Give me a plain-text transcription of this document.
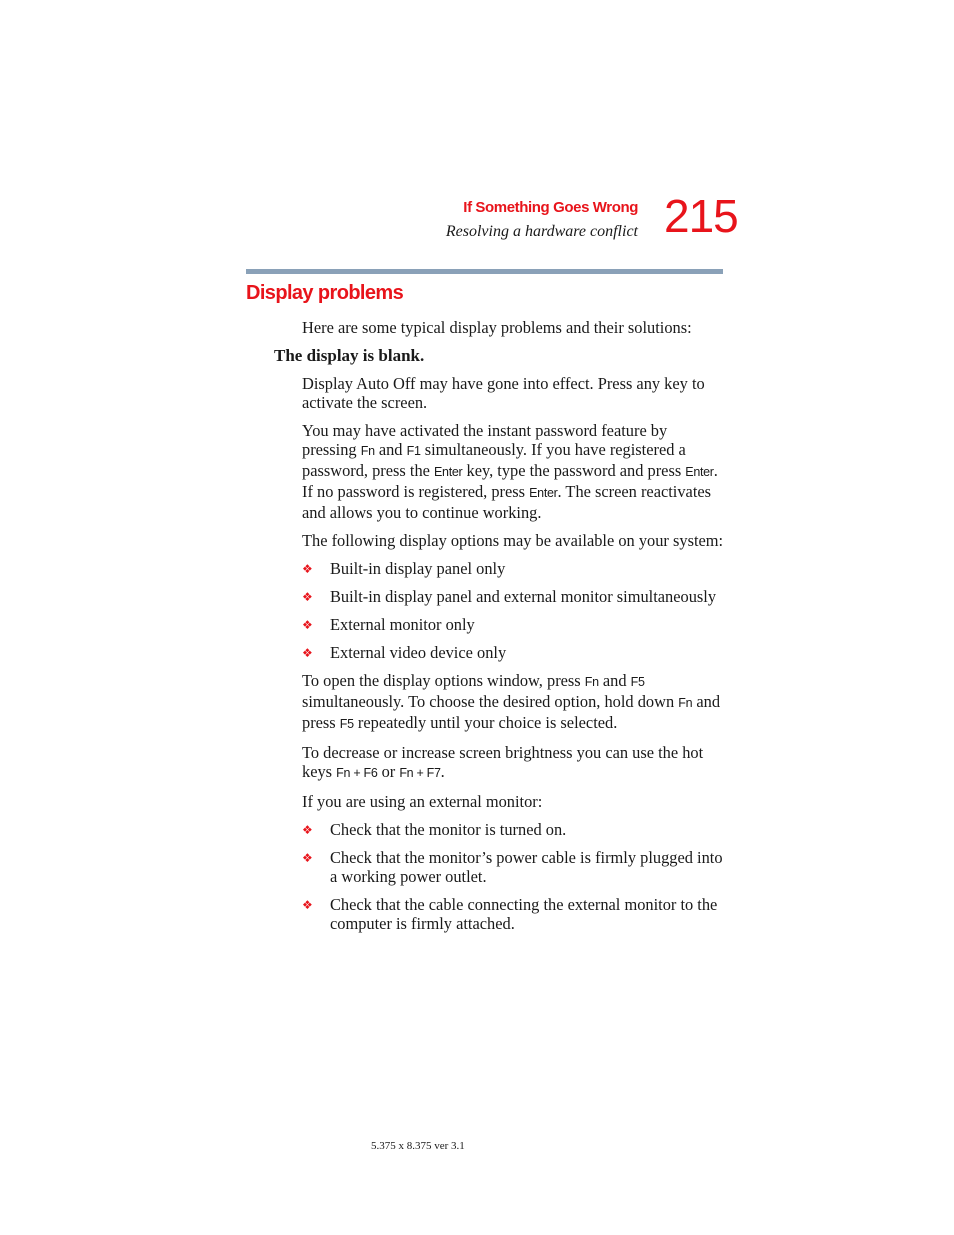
If Something Goes Wrong

Resolving a hardware conflict 215

Display problems

Here are some typical display problems and their solutions:

The display is blank.

Display Auto Off may have gone into effect. Press any key to activate the screen.

You may have activated the instant password feature by pressing Fn and F1 simultaneously. If you have registered a password, press the Enter key, type the password and press Enter. If no password is registered, press Enter. The screen reactivates and allows you to continue working.

The following display options may be available on your system:

❖ Built-in display panel only
❖ Built-in display panel and external monitor simultaneously
❖ External monitor only
❖ External video device only

To open the display options window, press Fn and F5 simultaneously. To choose the desired option, hold down Fn and press F5 repeatedly until your choice is selected.

To decrease or increase screen brightness you can use the hot keys Fn + F6 or Fn + F7.

If you are using an external monitor:

❖ Check that the monitor is turned on.
❖ Check that the monitor’s power cable is firmly plugged into a working power outlet.
❖ Check that the cable connecting the external monitor to the computer is firmly attached.

5.375 x 8.375 ver 3.1
